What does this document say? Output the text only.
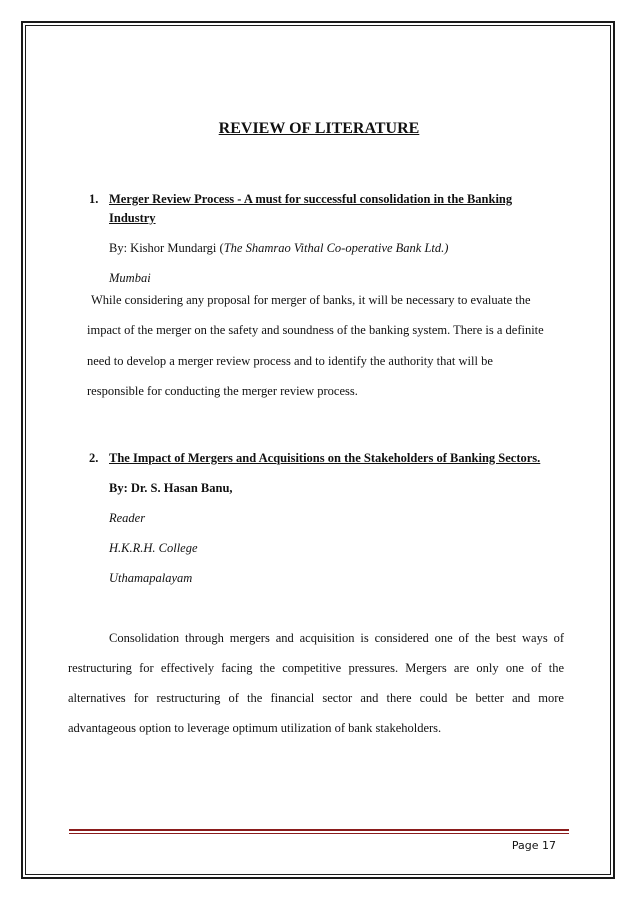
REVIEW OF LITERATURE
1. Merger Review Process - A must for successful consolidation in the Banking
Industry
By: Kishor Mundargi (The Shamrao Vithal Co-operative Bank Ltd.)
Mumbai
While considering any proposal for merger of banks, it will be necessary to evaluate the
impact of the merger on the safety and soundness of the banking system. There is a definite
need to develop a merger review process and to identify the authority that will be
responsible for conducting the merger review process.
2. The Impact of Mergers and Acquisitions on the Stakeholders of Banking Sectors.
By: Dr. S. Hasan Banu,
Reader
H.K.R.H. College
Uthamapalayam
Consolidation through mergers and acquisition is considered one of the best ways of
restructuring for effectively facing the competitive pressures. Mergers are only one of the
alternatives for restructuring of the financial sector and there could be better and more
advantageous option to leverage optimum utilization of bank stakeholders.
Page 17
